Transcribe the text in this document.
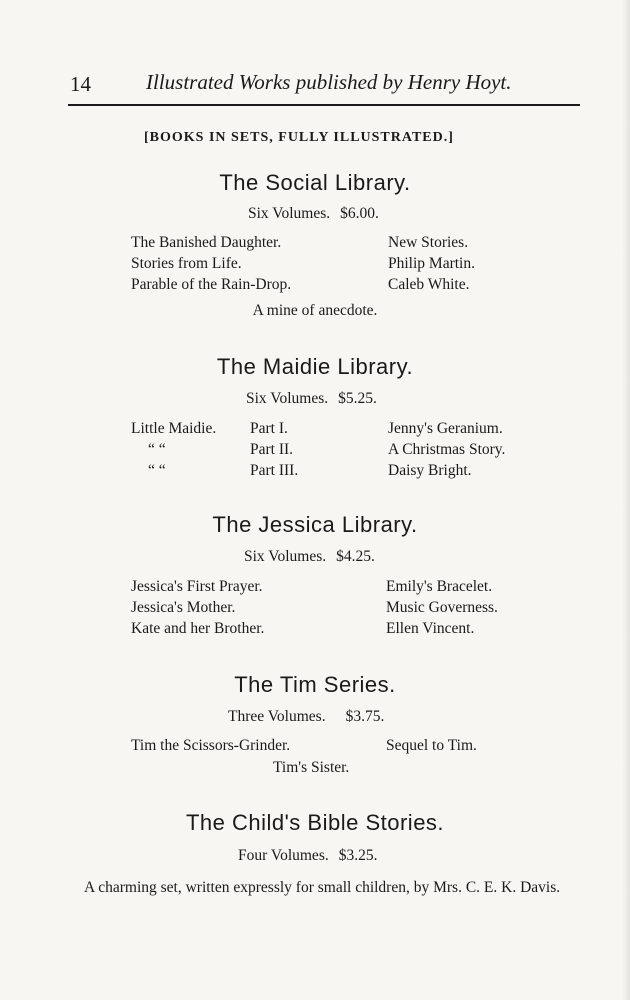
14	Illustrated Works published by Henry Hoyt.
[BOOKS IN SETS, FULLY ILLUSTRATED.]
The Social Library.
Six Volumes. $6.00.
The Banished Daughter.
Stories from Life.
Parable of the Rain-Drop.
New Stories.
Philip Martin.
Caleb White.
A mine of anecdote.
The Maidie Library.
Six Volumes. $5.25.
Little Maidie.
“ “
“ “
Part I.
Part II.
Part III.
Jenny's Geranium.
A Christmas Story.
Daisy Bright.
The Jessica Library.
Six Volumes. $4.25.
Jessica's First Prayer.
Jessica's Mother.
Kate and her Brother.
Emily's Bracelet.
Music Governess.
Ellen Vincent.
The Tim Series.
Three Volumes. $3.75.
Tim the Scissors-Grinder.	Sequel to Tim.
Tim's Sister.
The Child's Bible Stories.
Four Volumes. $3.25.
A charming set, written expressly for small children, by Mrs. C. E. K. Davis.
